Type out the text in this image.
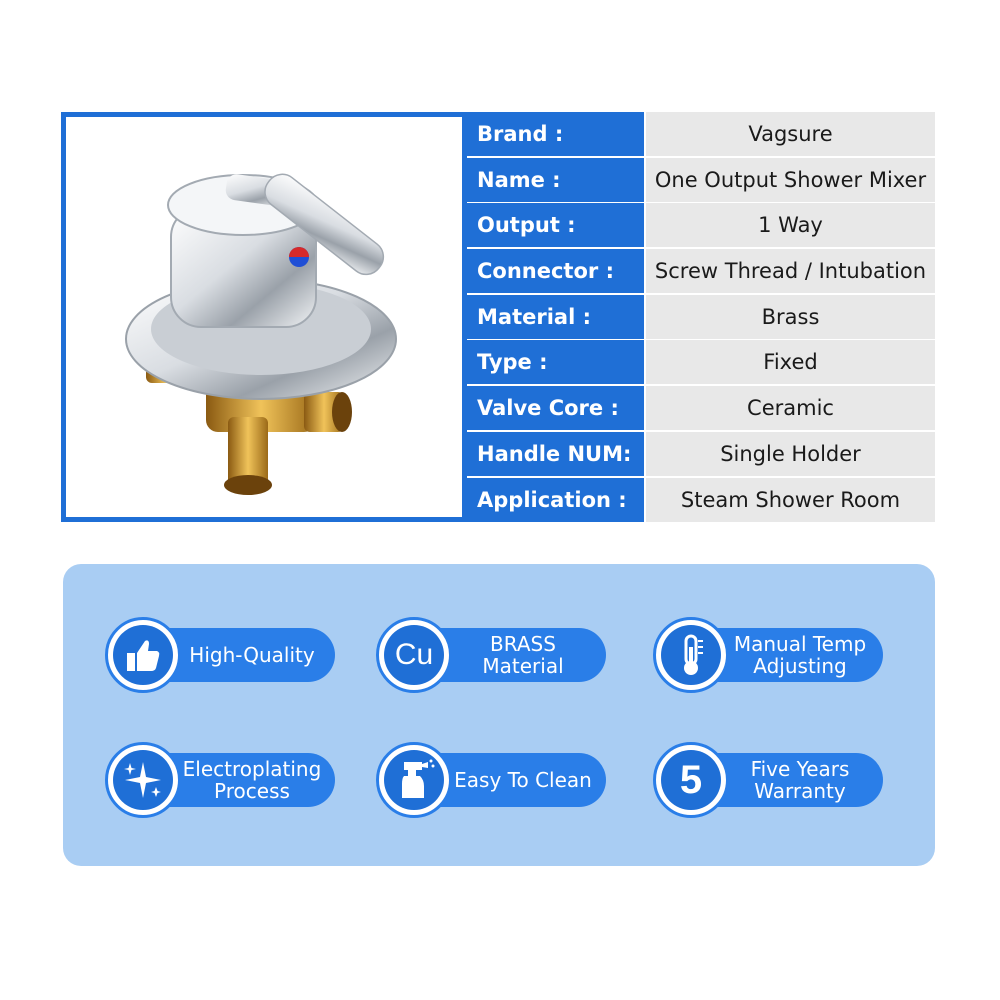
Brand :	Vagsure
Name :	One Output Shower Mixer
Output :	1 Way
Connector :	Screw Thread / Intubation
Material :	Brass
Type :	Fixed
Valve Core :	Ceramic
Handle NUM:	Single Holder
Application :	Steam Shower Room
High-Quality	BRASS
Material
Cu	Manual Temp
Adjusting
Electroplating
Process	Easy To Clean	Five Years
Warranty
5
